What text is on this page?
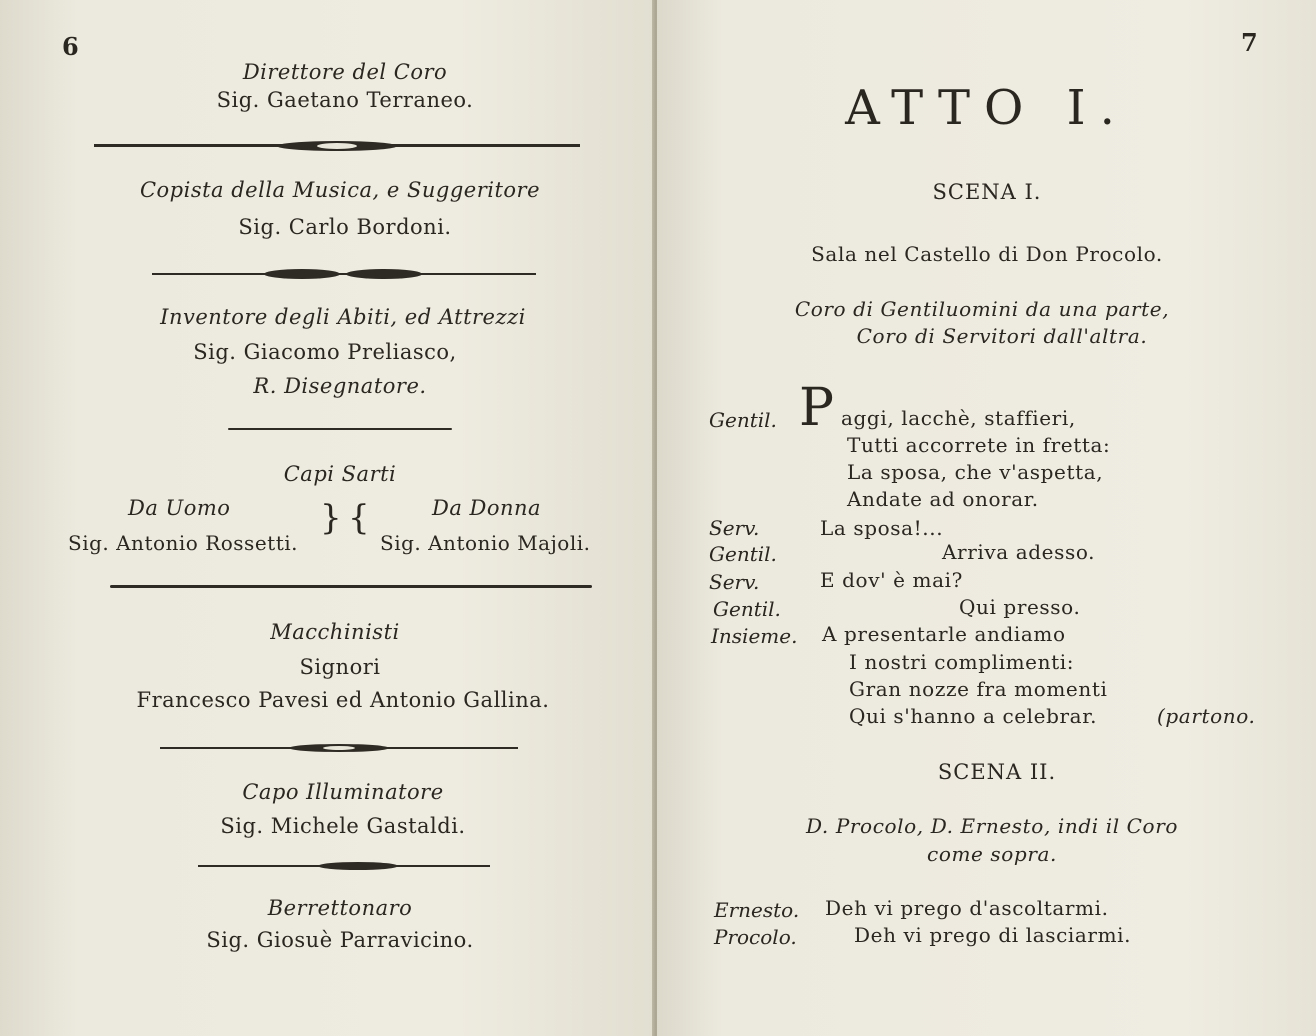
6
Direttore del Coro
Sig. Gaetano Terraneo.
Copista della Musica, e Suggeritore
Sig. Carlo Bordoni.
Inventore degli Abiti, ed Attrezzi
Sig. Giacomo Preliasco,
R. Disegnatore.
Capi Sarti
Da Uomo	Da Donna
} {
Sig. Antonio Rossetti.	Sig. Antonio Majoli.
Macchinisti
Signori
Francesco Pavesi ed Antonio Gallina.
Capo Illuminatore
Sig. Michele Gastaldi.
Berrettonaro
Sig. Giosuè Parravicino.
7
ATTO I.
SCENA I.
Sala nel Castello di Don Procolo.
Coro di Gentiluomini da una parte,
Coro di Servitori dall'altra.
Gentil. P aggi, lacchè, staffieri,
Tutti accorrete in fretta:
La sposa, che v'aspetta,
Andate ad onorar.
Serv.	La sposa!...
Gentil.	Arriva adesso.
Serv.	E dov' è mai?
Gentil.	Qui presso.
Insieme. A presentarle andiamo
I nostri complimenti:
Gran nozze fra momenti
Qui s'hanno a celebrar.	(partono.
SCENA II.
D. Procolo, D. Ernesto, indi il Coro
come sopra.
Ernesto. Deh vi prego d'ascoltarmi.
Procolo.	Deh vi prego di lasciarmi.
